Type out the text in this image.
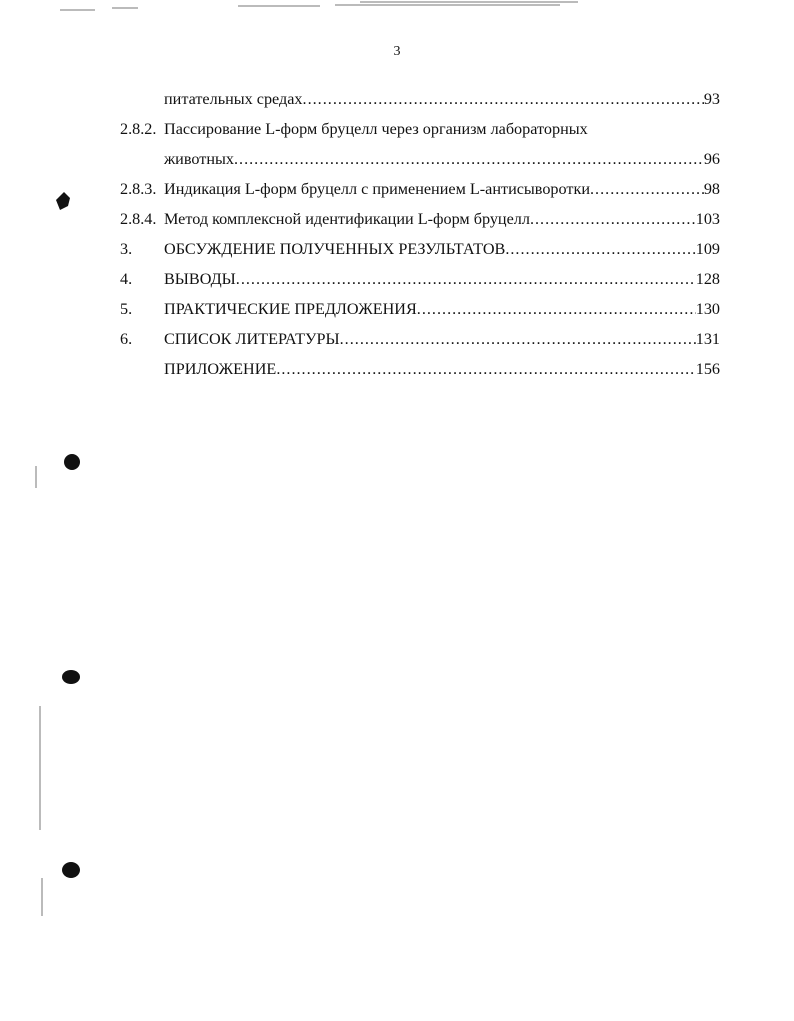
3
питательных средах .....	93
2.8.2. Пассирование L-форм бруцелл через организм лабораторных
животных .....	96
2.8.3. Индикация L-форм бруцелл с применением L-антисыворотки .....	98
2.8.4. Метод комплексной идентификации L-форм бруцелл .....	103
3. ОБСУЖДЕНИЕ ПОЛУЧЕННЫХ РЕЗУЛЬТАТОВ .....	109
4. ВЫВОДЫ .....	128
5. ПРАКТИЧЕСКИЕ ПРЕДЛОЖЕНИЯ .....	130
6. СПИСОК ЛИТЕРАТУРЫ .....	131
ПРИЛОЖЕНИЕ .....	156
